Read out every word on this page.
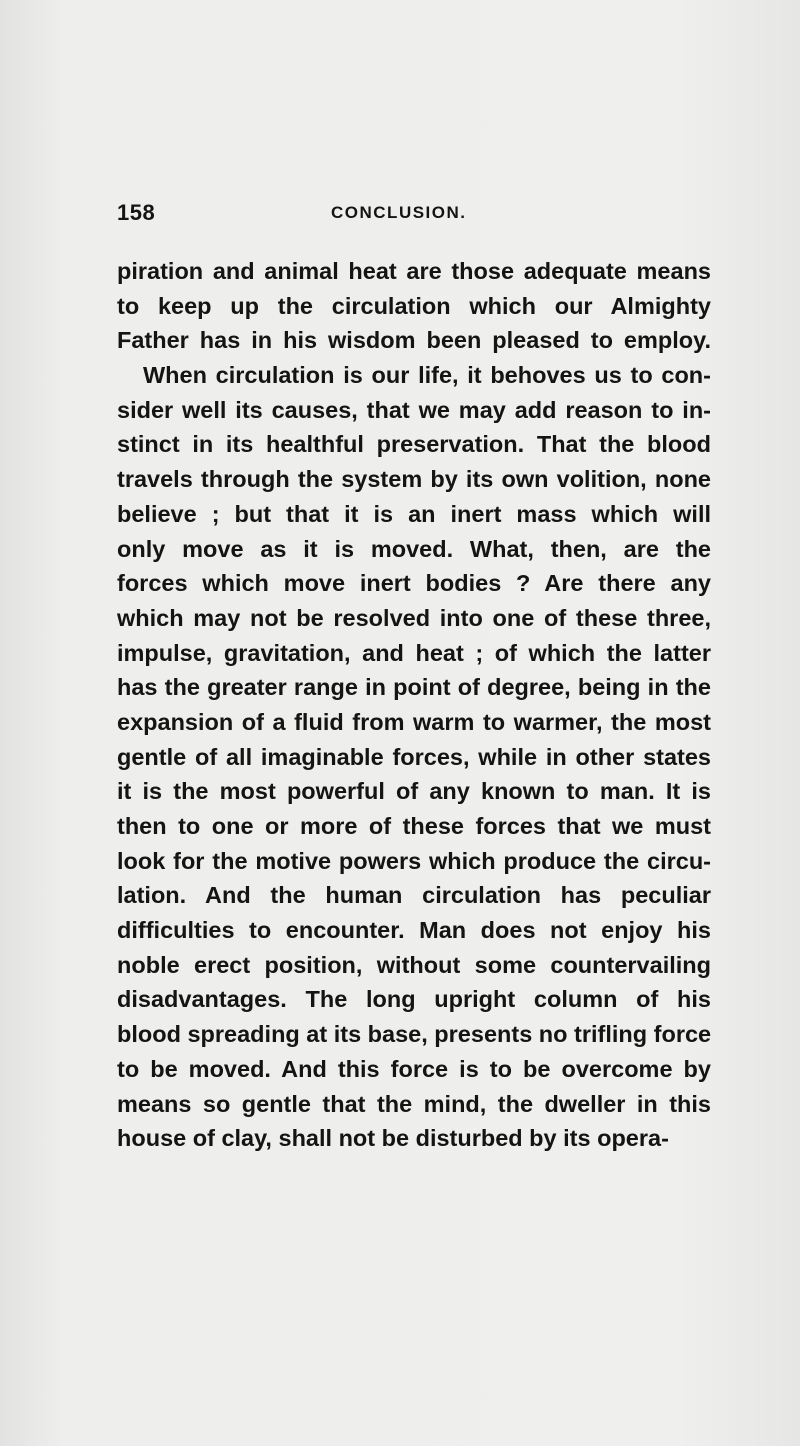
158	CONCLUSION.
piration and animal heat are those adequate means
to keep up the circulation which our Almighty
Father has in his wisdom been pleased to employ.
When circulation is our life, it behoves us to con-
sider well its causes, that we may add reason to in-
stinct in its healthful preservation. That the blood
travels through the system by its own volition, none
believe ; but that it is an inert mass which will
only move as it is moved. What, then, are the
forces which move inert bodies ? Are there any
which may not be resolved into one of these three,
impulse, gravitation, and heat ; of which the latter
has the greater range in point of degree, being in the
expansion of a fluid from warm to warmer, the most
gentle of all imaginable forces, while in other states
it is the most powerful of any known to man. It is
then to one or more of these forces that we must
look for the motive powers which produce the circu-
lation. And the human circulation has peculiar
difficulties to encounter. Man does not enjoy his
noble erect position, without some countervailing
disadvantages. The long upright column of his
blood spreading at its base, presents no trifling force
to be moved. And this force is to be overcome by
means so gentle that the mind, the dweller in this
house of clay, shall not be disturbed by its opera-
